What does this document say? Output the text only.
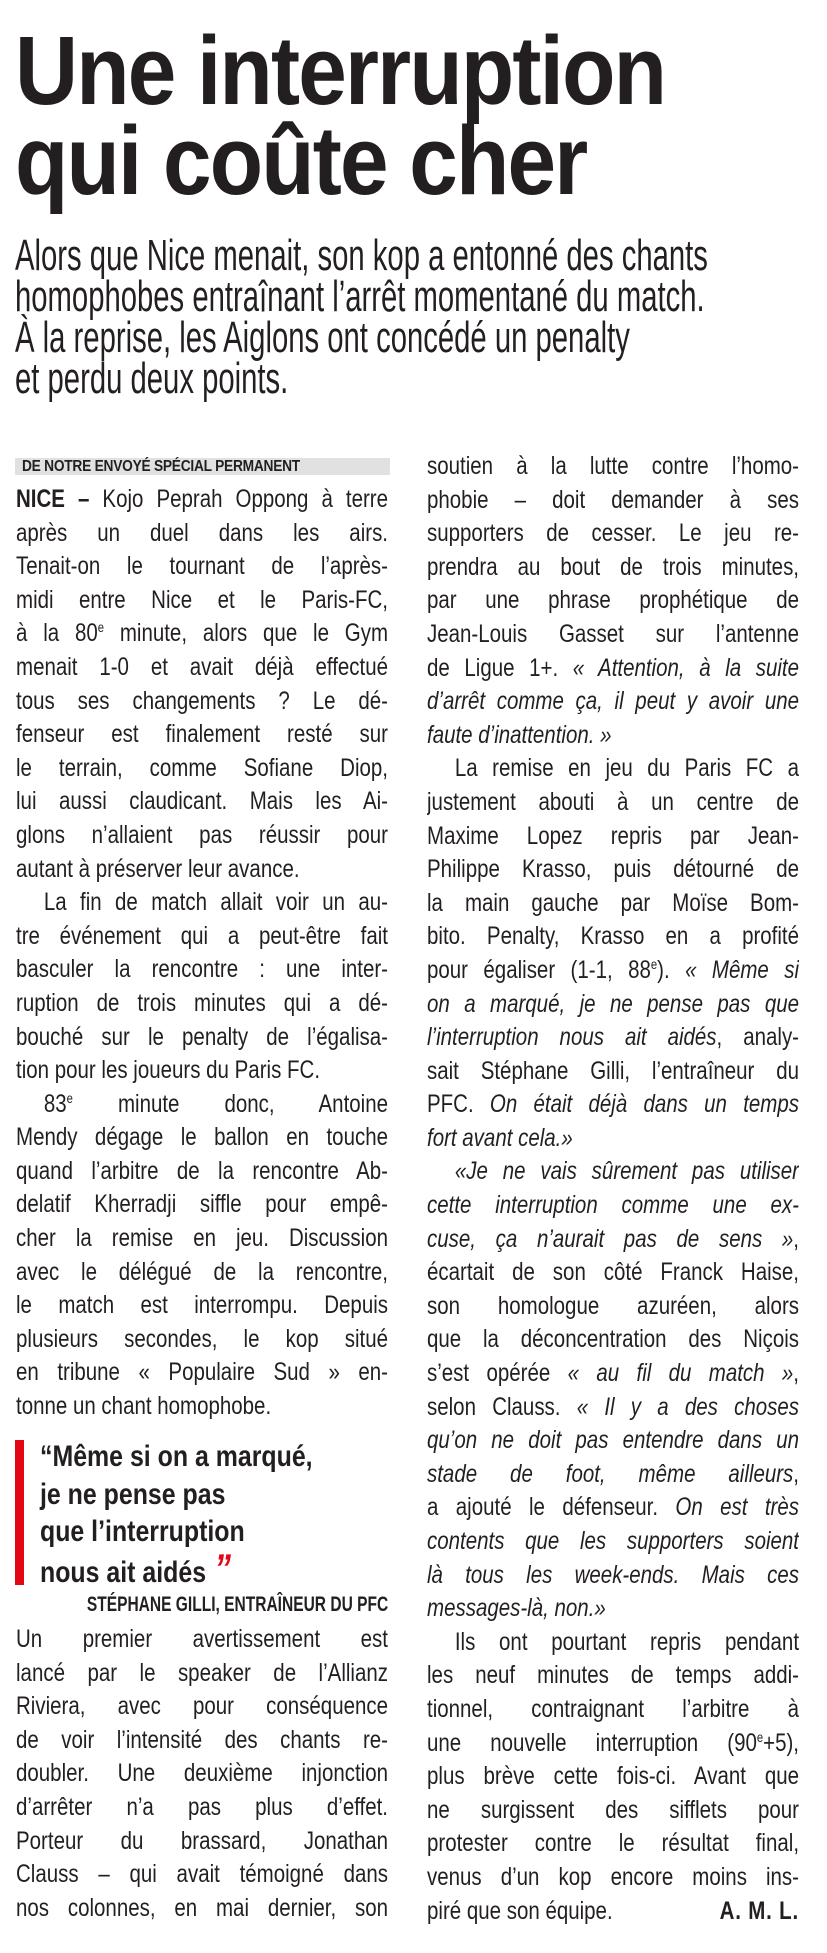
Une interruption
qui coûte cher
Alors que Nice menait, son kop a entonné des chants
homophobes entraînant l’arrêt momentané du match.
À la reprise, les Aiglons ont concédé un penalty
et perdu deux points.
DE NOTRE ENVOYÉ SPÉCIAL PERMANENT
NICE – Kojo Peprah Oppong à terre
après un duel dans les airs.
Tenait-on le tournant de l’après-
midi entre Nice et le Paris-FC,
à la 80e minute, alors que le Gym
menait 1-0 et avait déjà effectué
tous ses changements ? Le dé-
fenseur est finalement resté sur
le terrain, comme Sofiane Diop,
lui aussi claudicant. Mais les Ai-
glons n’allaient pas réussir pour
autant à préserver leur avance.
La fin de match allait voir un au-
tre événement qui a peut-être fait
basculer la rencontre : une inter-
ruption de trois minutes qui a dé-
bouché sur le penalty de l’égalisa-
tion pour les joueurs du Paris FC.
83e minute donc, Antoine
Mendy dégage le ballon en touche
quand l’arbitre de la rencontre Ab-
delatif Kherradji siffle pour empê-
cher la remise en jeu. Discussion
avec le délégué de la rencontre,
le match est interrompu. Depuis
plusieurs secondes, le kop situé
en tribune « Populaire Sud » en-
tonne un chant homophobe.
“Même si on a marqué,
je ne pense pas
que l’interruption
nous ait aidés ”
STÉPHANE GILLI, ENTRAÎNEUR DU PFC
Un premier avertissement est
lancé par le speaker de l’Allianz
Riviera, avec pour conséquence
de voir l’intensité des chants re-
doubler. Une deuxième injonction
d’arrêter n’a pas plus d’effet.
Porteur du brassard, Jonathan
Clauss – qui avait témoigné dans
nos colonnes, en mai dernier, son
soutien à la lutte contre l’homo-
phobie – doit demander à ses
supporters de cesser. Le jeu re-
prendra au bout de trois minutes,
par une phrase prophétique de
Jean-Louis Gasset sur l’antenne
de Ligue 1+. « Attention, à la suite
d’arrêt comme ça, il peut y avoir une
faute d’inattention. »
La remise en jeu du Paris FC a
justement abouti à un centre de
Maxime Lopez repris par Jean-
Philippe Krasso, puis détourné de
la main gauche par Moïse Bom-
bito. Penalty, Krasso en a profité
pour égaliser (1-1, 88e). « Même si
on a marqué, je ne pense pas que
l’interruption nous ait aidés, analy-
sait Stéphane Gilli, l’entraîneur du
PFC. On était déjà dans un temps
fort avant cela.»
«Je ne vais sûrement pas utiliser
cette interruption comme une ex-
cuse, ça n’aurait pas de sens »,
écartait de son côté Franck Haise,
son homologue azuréen, alors
que la déconcentration des Niçois
s’est opérée « au fil du match »,
selon Clauss. « Il y a des choses
qu’on ne doit pas entendre dans un
stade de foot, même ailleurs,
a ajouté le défenseur. On est très
contents que les supporters soient
là tous les week-ends. Mais ces
messages-là, non.»
Ils ont pourtant repris pendant
les neuf minutes de temps addi-
tionnel, contraignant l’arbitre à
une nouvelle interruption $(90^e+5)$,
plus brève cette fois-ci. Avant que
ne surgissent des sifflets pour
protester contre le résultat final,
venus d’un kop encore moins ins-
A. M. L.
piré que son équipe.
